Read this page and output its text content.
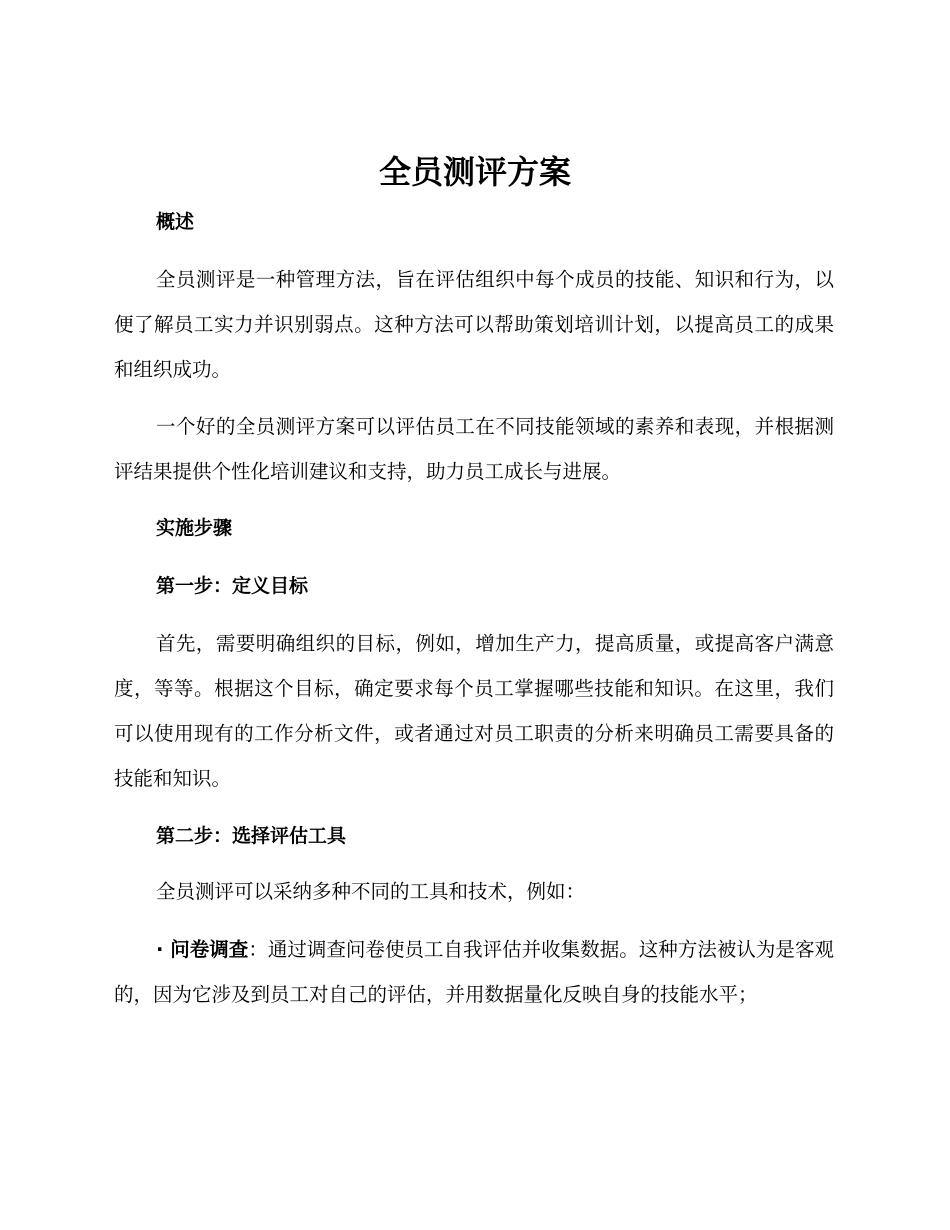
全员测评方案
概述

全员测评是一种管理方法，旨在评估组织中每个成员的技能、知识和行为，以便了解员工实力并识别弱点。这种方法可以帮助策划培训计划，以提高员工的成果和组织成功。

一个好的全员测评方案可以评估员工在不同技能领域的素养和表现，并根据测评结果提供个性化培训建议和支持，助力员工成长与进展。

实施步骤
第一步：定义目标

首先，需要明确组织的目标，例如，增加生产力，提高质量，或提高客户满意度，等等。根据这个目标，确定要求每个员工掌握哪些技能和知识。在这里，我们可以使用现有的工作分析文件，或者通过对员工职责的分析来明确员工需要具备的技能和知识。

第二步：选择评估工具

全员测评可以采纳多种不同的工具和技术，例如：

· 问卷调查：通过调查问卷使员工自我评估并收集数据。这种方法被认为是客观的，因为它涉及到员工对自己的评估，并用数据量化反映自身的技能水平；
